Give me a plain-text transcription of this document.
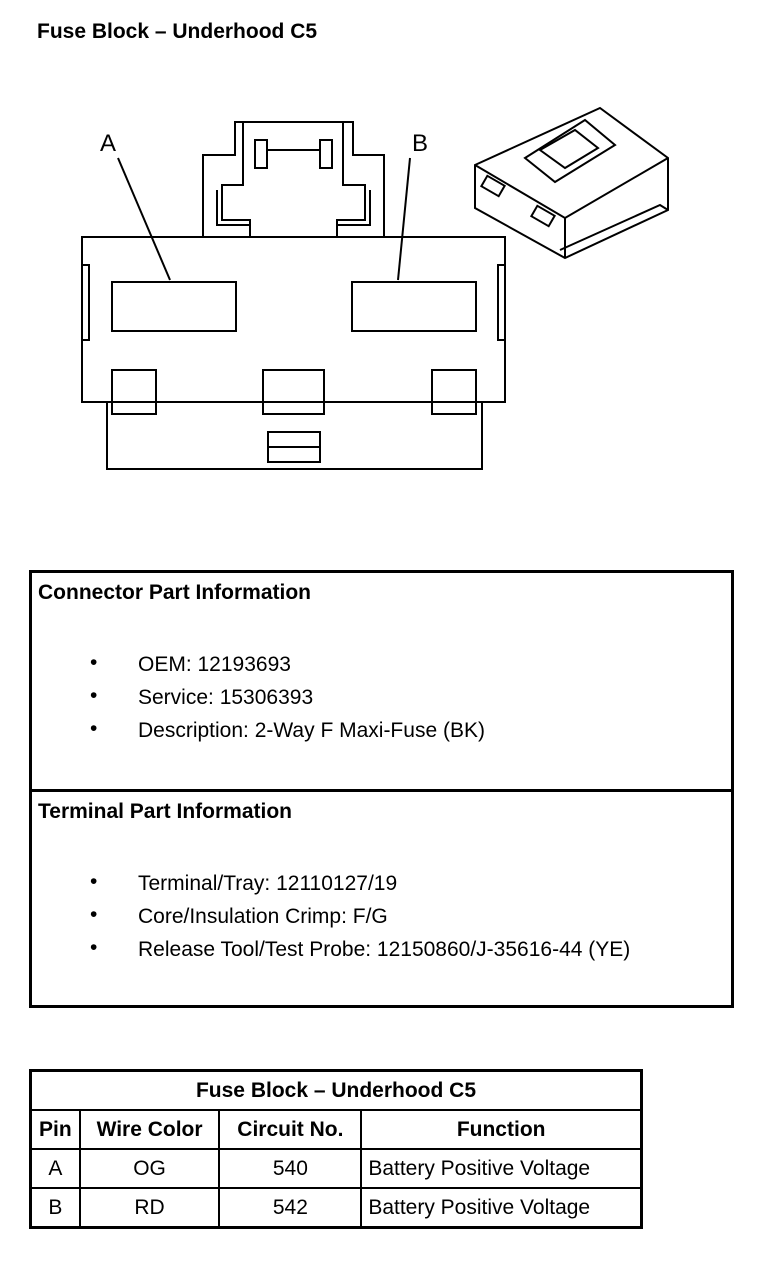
Fuse Block – Underhood C5
A	B
Connector Part Information
• OEM: 12193693
• Service: 15306393
• Description: 2-Way F Maxi-Fuse (BK)
Terminal Part Information
• Terminal/Tray: 12110127/19
• Core/Insulation Crimp: F/G
• Release Tool/Test Probe: 12150860/J-35616-44 (YE)
Fuse Block – Underhood C5			
Pin	Wire Color	Circuit No.	Function
A	OG	540	Battery Positive Voltage
B	RD	542	Battery Positive Voltage
